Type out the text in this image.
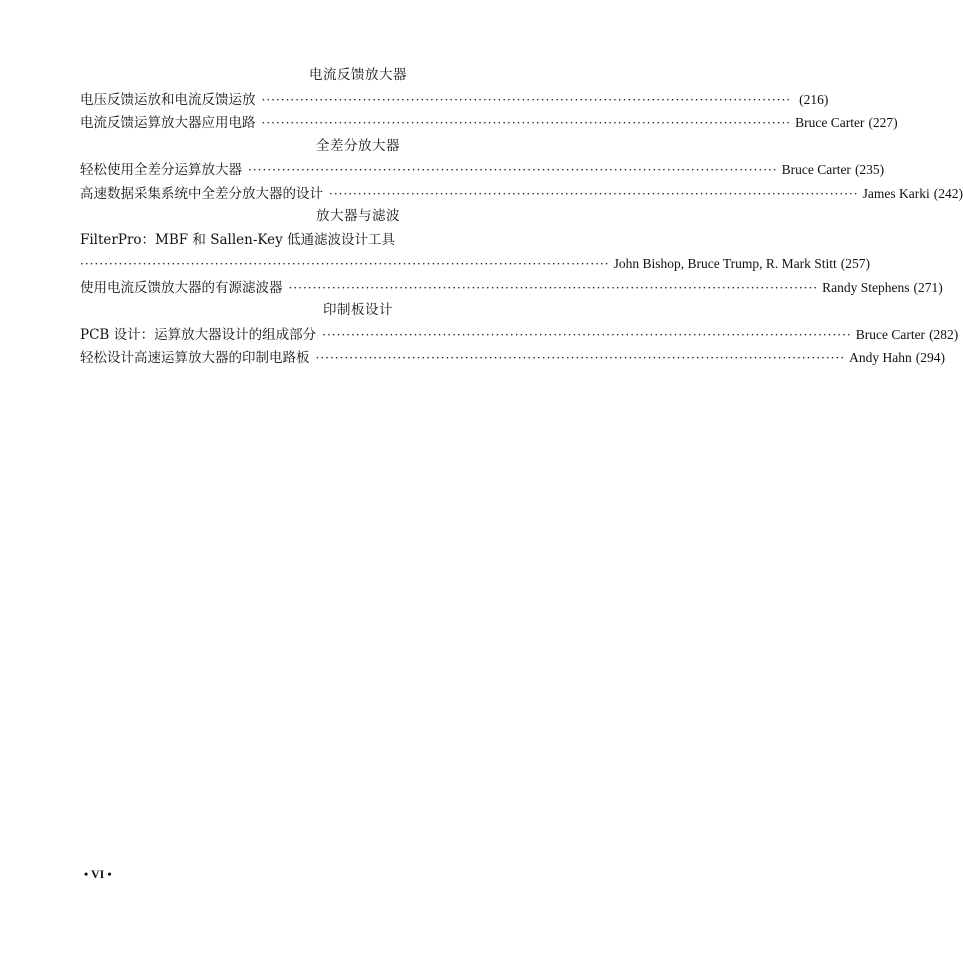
电流反馈放大器
电压反馈运放和电流反馈运放 ·············································································································· (216)
电流反馈运算放大器应用电路 ·············································································································· Bruce Carter (227)
全差分放大器
轻松使用全差分运算放大器 ·············································································································· Bruce Carter (235)
高速数据采集系统中全差分放大器的设计 ·············································································································· James Karki (242)
放大器与滤波
FilterPro：MBF 和 Sallen-Key 低通滤波设计工具
·············································································································· John Bishop, Bruce Trump, R. Mark Stitt (257)
使用电流反馈放大器的有源滤波器 ·············································································································· Randy Stephens (271)
印制板设计
PCB 设计：运算放大器设计的组成部分 ·············································································································· Bruce Carter (282)
轻松设计高速运算放大器的印制电路板 ·············································································································· Andy Hahn (294)
• VI •
